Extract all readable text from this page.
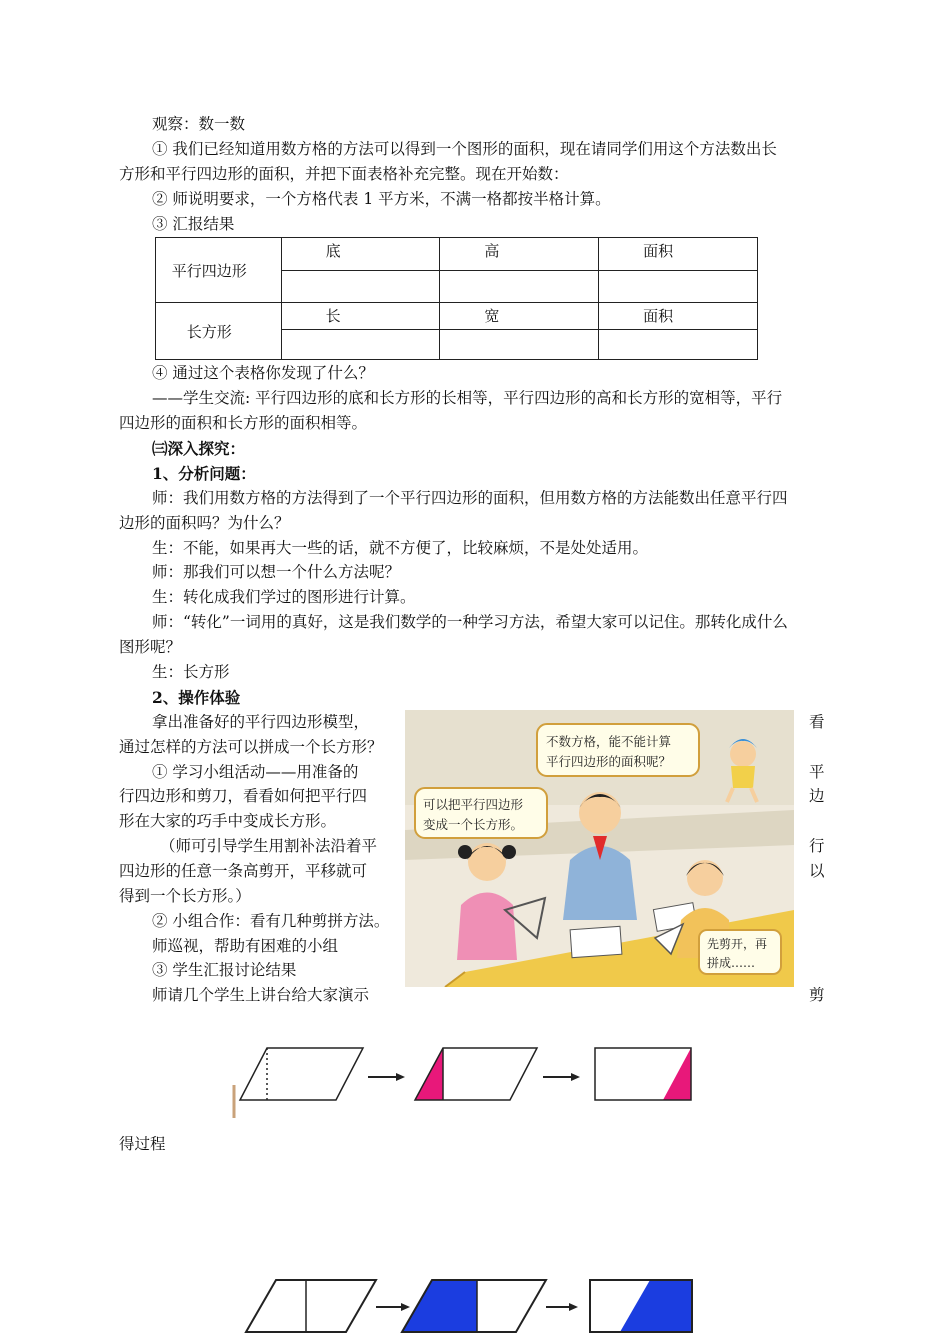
观察：数一数
① 我们已经知道用数方格的方法可以得到一个图形的面积，现在请同学们用这个方法数出长
方形和平行四边形的面积，并把下面表格补充完整。现在开始数：
② 师说明要求，一个方格代表 1 平方米，不满一格都按半格计算。
③ 汇报结果
平行四边形	底	高	面积

长方形	长	宽	面积

④ 通过这个表格你发现了什么？
——学生交流: 平行四边形的底和长方形的长相等，平行四边形的高和长方形的宽相等，平行
四边形的面积和长方形的面积相等。
㈢深入探究：
1、分析问题：
师：我们用数方格的方法得到了一个平行四边形的面积，但用数方格的方法能数出任意平行四
边形的面积吗？为什么？
生：不能，如果再大一些的话，就不方便了，比较麻烦，不是处处适用。
师：那我们可以想一个什么方法呢？
生：转化成我们学过的图形进行计算。
师：“转化”一词用的真好，这是我们数学的一种学习方法，希望大家可以记住。那转化成什么
图形呢？
生：长方形
2、操作体验
拿出准备好的平行四边形模型，
通过怎样的方法可以拼成一个长方形？
① 学习小组活动——用准备的
行四边形和剪刀，看看如何把平行四
形在大家的巧手中变成长方形。
（师可引导学生用割补法沿着平
四边形的任意一条高剪开，平移就可
得到一个长方形。）
② 小组合作：看有几种剪拼方法。
师巡视，帮助有困难的小组
③ 学生汇报讨论结果
师请几个学生上讲台给大家演示
看
平
边
行
以
剪
不数方格，能不能计算
平行四边形的面积呢？
可以把平行四边形
变成一个长方形。
先剪开，再
拼成……
得过程
